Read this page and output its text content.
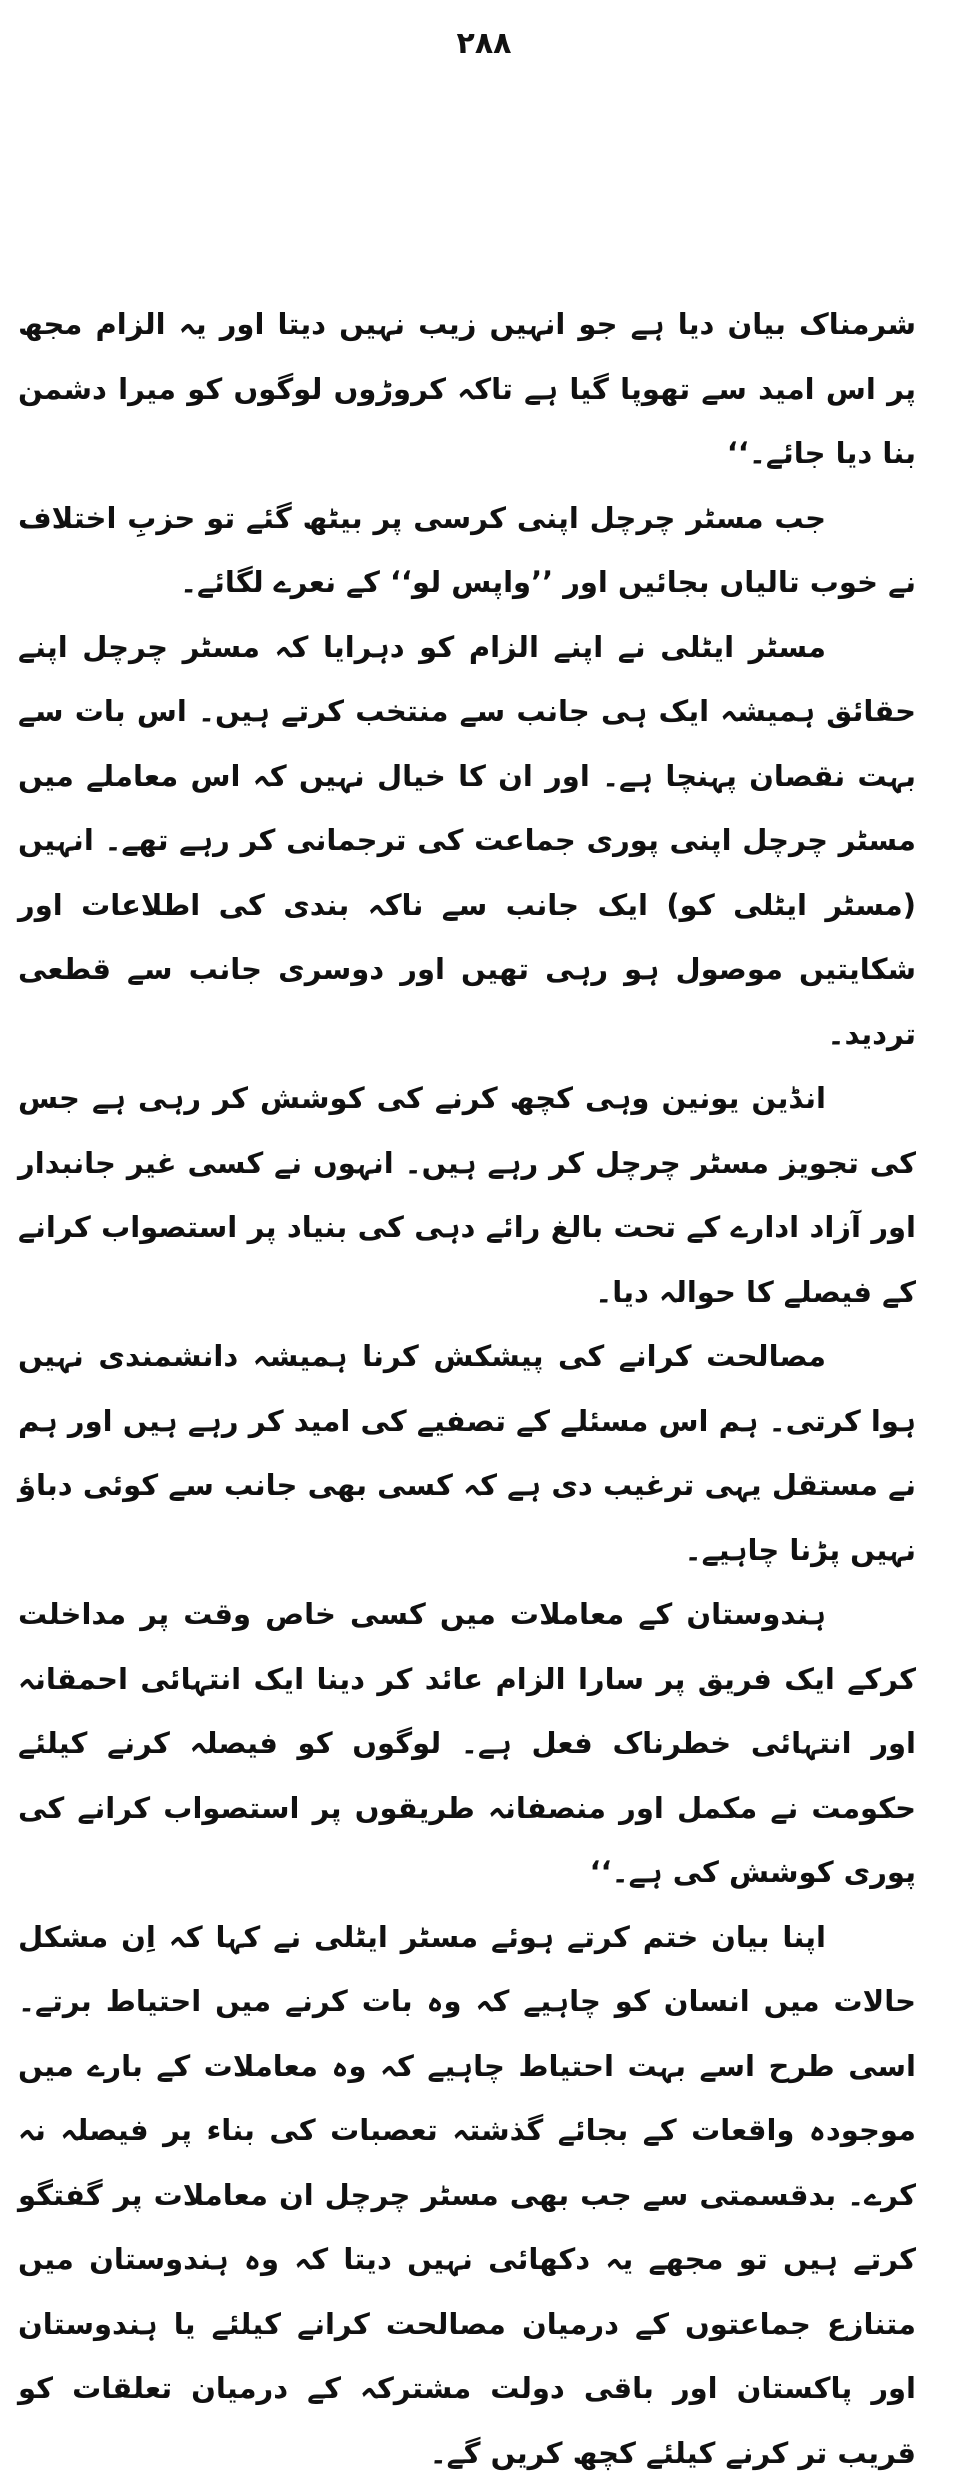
۲۸۸

شرمناک بیان دیا ہے جو انہیں زیب نہیں دیتا اور یہ الزام مجھ پر اس امید سے تھوپا گیا ہے تاکہ کروڑوں لوگوں کو میرا دشمن بنا دیا جائے۔‘‘

جب مسٹر چرچل اپنی کرسی پر بیٹھ گئے تو حزبِ اختلاف نے خوب تالیاں بجائیں اور ’’واپس لو‘‘ کے نعرے لگائے۔

مسٹر ایٹلی نے اپنے الزام کو دہرایا کہ مسٹر چرچل اپنے حقائق ہمیشہ ایک ہی جانب سے منتخب کرتے ہیں۔ اس بات سے بہت نقصان پہنچا ہے۔ اور ان کا خیال نہیں کہ اس معاملے میں مسٹر چرچل اپنی پوری جماعت کی ترجمانی کر رہے تھے۔ انہیں (مسٹر ایٹلی کو) ایک جانب سے ناکہ بندی کی اطلاعات اور شکایتیں موصول ہو رہی تھیں اور دوسری جانب سے قطعی تردید۔

انڈین یونین وہی کچھ کرنے کی کوشش کر رہی ہے جس کی تجویز مسٹر چرچل کر رہے ہیں۔ انہوں نے کسی غیر جانبدار اور آزاد ادارے کے تحت بالغ رائے دہی کی بنیاد پر استصواب کرانے کے فیصلے کا حوالہ دیا۔

مصالحت کرانے کی پیشکش کرنا ہمیشہ دانشمندی نہیں ہوا کرتی۔ ہم اس مسئلے کے تصفیے کی امید کر رہے ہیں اور ہم نے مستقل یہی ترغیب دی ہے کہ کسی بھی جانب سے کوئی دباؤ نہیں پڑنا چاہیے۔

ہندوستان کے معاملات میں کسی خاص وقت پر مداخلت کرکے ایک فریق پر سارا الزام عائد کر دینا ایک انتہائی احمقانہ اور انتہائی خطرناک فعل ہے۔ لوگوں کو فیصلہ کرنے کیلئے حکومت نے مکمل اور منصفانہ طریقوں پر استصواب کرانے کی پوری کوشش کی ہے۔‘‘

اپنا بیان ختم کرتے ہوئے مسٹر ایٹلی نے کہا کہ اِن مشکل حالات میں انسان کو چاہیے کہ وہ بات کرنے میں احتیاط برتے۔ اسی طرح اسے بہت احتیاط چاہیے کہ وہ معاملات کے بارے میں موجودہ واقعات کے بجائے گذشتہ تعصبات کی بناء پر فیصلہ نہ کرے۔ بدقسمتی سے جب بھی مسٹر چرچل ان معاملات پر گفتگو کرتے ہیں تو مجھے یہ دکھائی نہیں دیتا کہ وہ ہندوستان میں متنازع جماعتوں کے درمیان مصالحت کرانے کیلئے یا ہندوستان اور پاکستان اور باقی دولت مشترکہ کے درمیان تعلقات کو قریب تر کرنے کیلئے کچھ کریں گے۔
